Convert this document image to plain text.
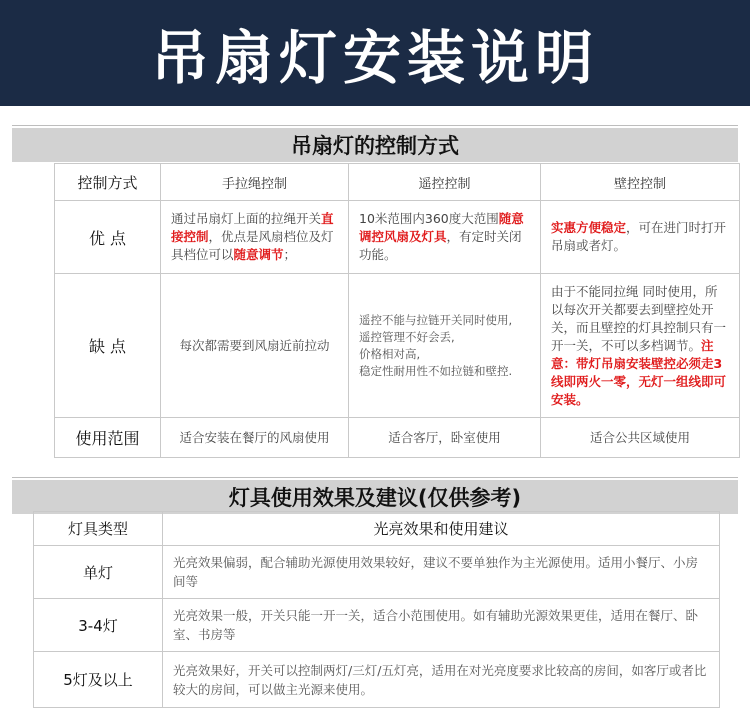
吊扇灯安装说明
吊扇灯的控制方式
控制方式	手拉绳控制	遥控控制	壁控控制
优 点	通过吊扇灯上面的拉绳开关直接控制，优点是风扇档位及灯具档位可以随意调节；	10米范围内360度大范围随意调控风扇及灯具，有定时关闭功能。	实惠方便稳定，可在进门时打开吊扇或者灯。
缺 点	每次都需要到风扇近前拉动	遥控不能与拉链开关同时使用,
遥控管理不好会丢,
价格相对高,
稳定性耐用性不如拉链和壁控.	由于不能同拉绳 同时使用，所以每次开关都要去到壁控处开关，而且壁控的灯具控制只有一开一关，不可以多档调节。注意：带灯吊扇安装壁控必须走3线即两火一零，无灯一组线即可安装。
使用范围	适合安装在餐厅的风扇使用	适合客厅，卧室使用	适合公共区域使用
灯具使用效果及建议(仅供参考)
灯具类型	光亮效果和使用建议
单灯	光亮效果偏弱，配合辅助光源使用效果较好，建议不要单独作为主光源使用。适用小餐厅、小房间等
3-4灯	光亮效果一般，开关只能一开一关，适合小范围使用。如有辅助光源效果更佳，适用在餐厅、卧室、书房等
5灯及以上	光亮效果好，开关可以控制两灯/三灯/五灯亮，适用在对光亮度要求比较高的房间，如客厅或者比较大的房间，可以做主光源来使用。
